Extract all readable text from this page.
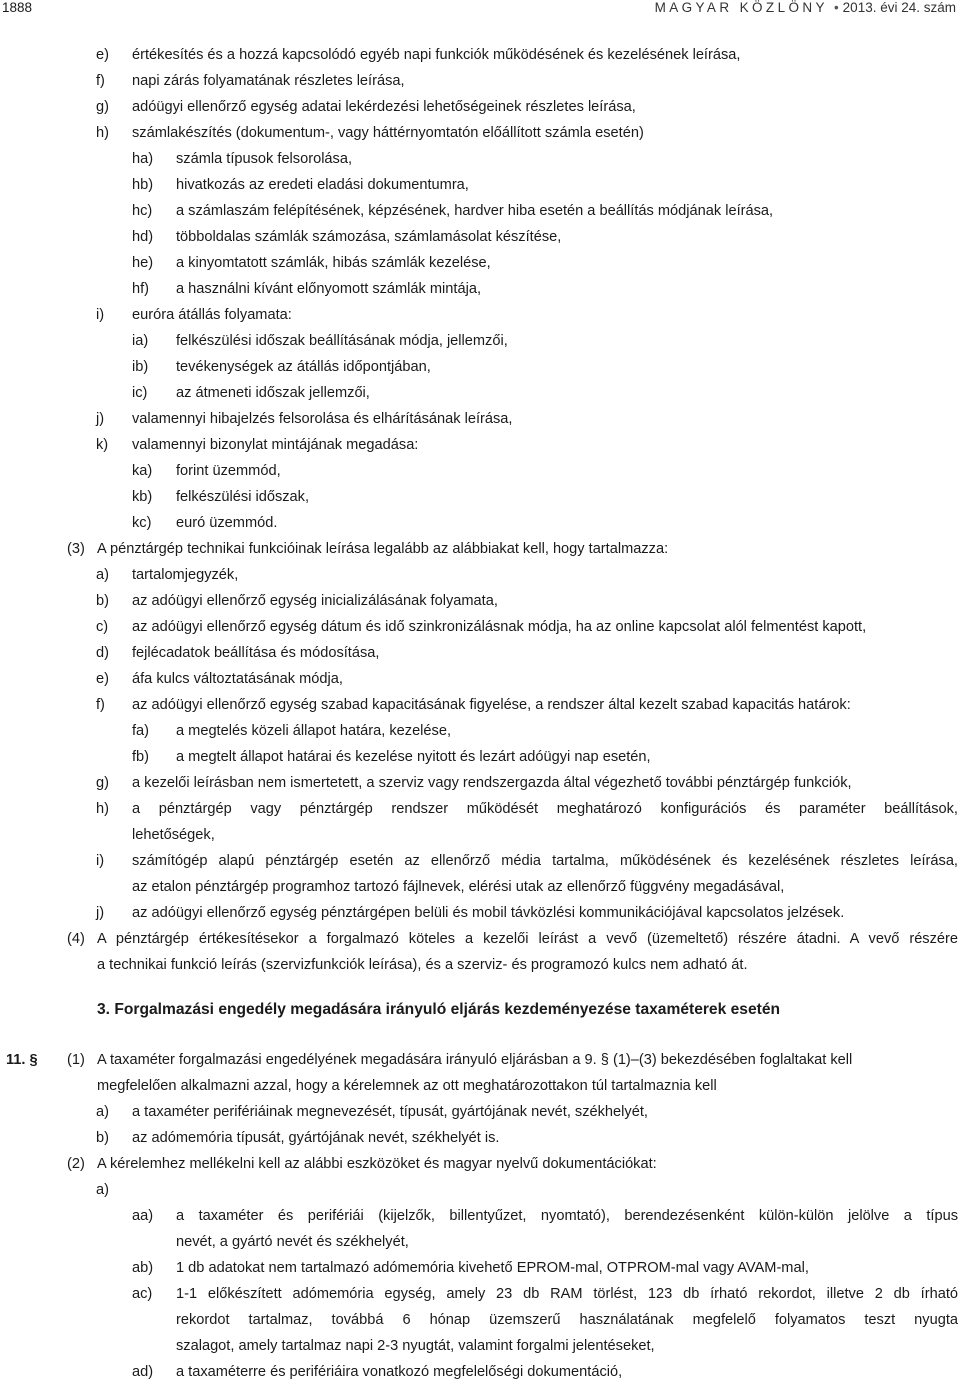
1888	MAGYAR KÖZLÖNY • 2013. évi 24. szám
e) értékesítés és a hozzá kapcsolódó egyéb napi funkciók működésének és kezelésének leírása,
f) napi zárás folyamatának részletes leírása,
g) adóügyi ellenőrző egység adatai lekérdezési lehetőségeinek részletes leírása,
h) számlakészítés (dokumentum-, vagy háttérnyomtatón előállított számla esetén)
ha) számla típusok felsorolása,
hb) hivatkozás az eredeti eladási dokumentumra,
hc) a számlaszám felépítésének, képzésének, hardver hiba esetén a beállítás módjának leírása,
hd) többoldalas számlák számozása, számlamásolat készítése,
he) a kinyomtatott számlák, hibás számlák kezelése,
hf) a használni kívánt előnyomott számlák mintája,
i) euróra átállás folyamata:
ia) felkészülési időszak beállításának módja, jellemzői,
ib) tevékenységek az átállás időpontjában,
ic) az átmeneti időszak jellemzői,
j) valamennyi hibajelzés felsorolása és elhárításának leírása,
k) valamennyi bizonylat mintájának megadása:
ka) forint üzemmód,
kb) felkészülési időszak,
kc) euró üzemmód.
(3) A pénztárgép technikai funkcióinak leírása legalább az alábbiakat kell, hogy tartalmazza:
a) tartalomjegyzék,
b) az adóügyi ellenőrző egység inicializálásának folyamata,
c) az adóügyi ellenőrző egység dátum és idő szinkronizálásnak módja, ha az online kapcsolat alól felmentést kapott,
d) fejlécadatok beállítása és módosítása,
e) áfa kulcs változtatásának módja,
f) az adóügyi ellenőrző egység szabad kapacitásának figyelése, a rendszer által kezelt szabad kapacitás határok:
fa) a megtelés közeli állapot határa, kezelése,
fb) a megtelt állapot határai és kezelése nyitott és lezárt adóügyi nap esetén,
g) a kezelői leírásban nem ismertetett, a szerviz vagy rendszergazda által végezhető további pénztárgép funkciók,
h) a pénztárgép vagy pénztárgép rendszer működését meghatározó konfigurációs és paraméter beállítások,
lehetőségek,
i) számítógép alapú pénztárgép esetén az ellenőrző média tartalma, működésének és kezelésének részletes leírása,
az etalon pénztárgép programhoz tartozó fájlnevek, elérési utak az ellenőrző függvény megadásával,
j) az adóügyi ellenőrző egység pénztárgépen belüli és mobil távközlési kommunikációjával kapcsolatos jelzések.
(4) A pénztárgép értékesítésekor a forgalmazó köteles a kezelői leírást a vevő (üzemeltető) részére átadni. A vevő részére
a technikai funkció leírás (szervizfunkciók leírása), és a szerviz- és programozó kulcs nem adható át.
3. Forgalmazási engedély megadására irányuló eljárás kezdeményezése taxaméterek esetén
11. § (1) A taxaméter forgalmazási engedélyének megadására irányuló eljárásban a 9. § (1)–(3) bekezdésében foglaltakat kell
megfelelően alkalmazni azzal, hogy a kérelemnek az ott meghatározottakon túl tartalmaznia kell
a) a taxaméter perifériáinak megnevezését, típusát, gyártójának nevét, székhelyét,
b) az adómemória típusát, gyártójának nevét, székhelyét is.
(2) A kérelemhez mellékelni kell az alábbi eszközöket és magyar nyelvű dokumentációkat:
a)
aa) a taxaméter és perifériái (kijelzők, billentyűzet, nyomtató), berendezésenként külön-külön jelölve a típus
nevét, a gyártó nevét és székhelyét,
ab) 1 db adatokat nem tartalmazó adómemória kivehető EPROM-mal, OTPROM-mal vagy AVAM-mal,
ac) 1-1 előkészített adómemória egység, amely 23 db RAM törlést, 123 db írható rekordot, illetve 2 db írható
rekordot tartalmaz, továbbá 6 hónap üzemszerű használatának megfelelő folyamatos teszt nyugta
szalagot, amely tartalmaz napi 2-3 nyugtát, valamint forgalmi jelentéseket,
ad) a taxaméterre és perifériáira vonatkozó megfelelőségi dokumentáció,
